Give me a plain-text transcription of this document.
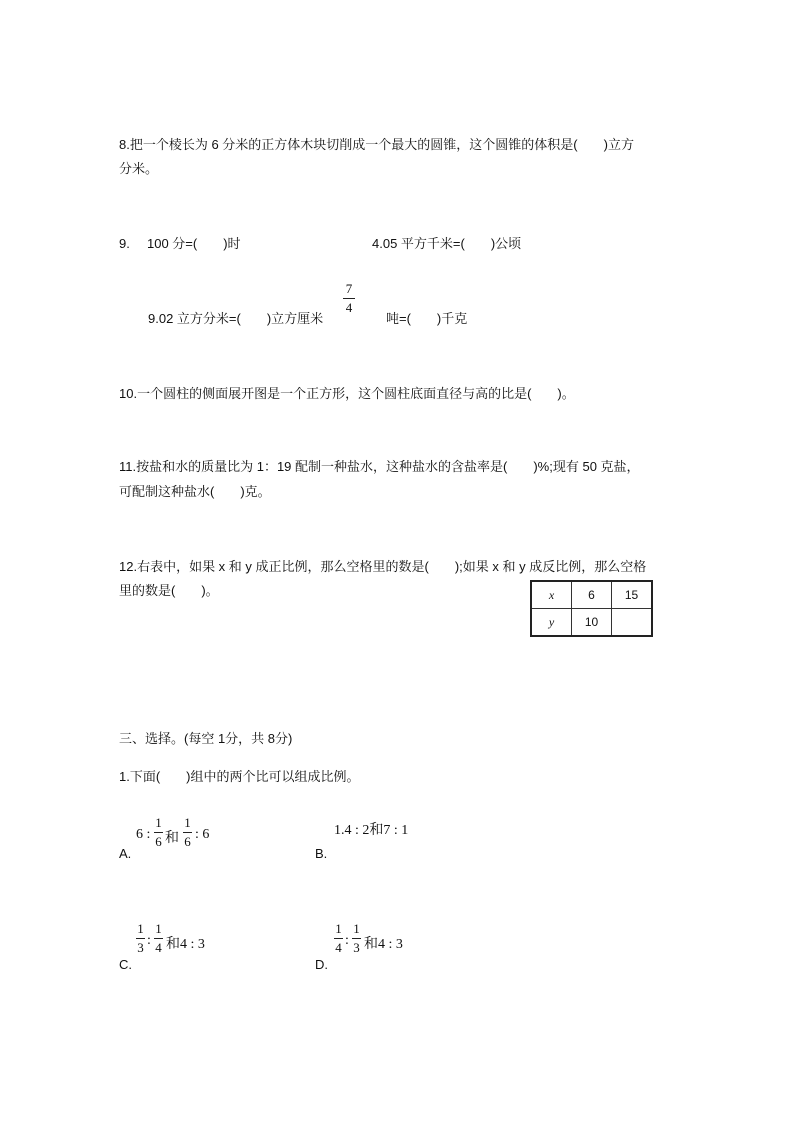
8.把一个棱长为 6 分米的正方体木块切削成一个最大的圆锥，这个圆锥的体积是(　　)立方
分米。
9. 100 分=(　　)时	4.05 平方千米=(　　)公顷
9.02 立方分米=(　　)立方厘米
7
4
吨=(　　)千克
10.一个圆柱的侧面展开图是一个正方形，这个圆柱底面直径与高的比是(　　)。
11.按盐和水的质量比为 1：19 配制一种盐水，这种盐水的含盐率是(　　)%;现有 50 克盐，
可配制这种盐水(　　)克。
12.右表中，如果 x 和 y 成正比例，那么空格里的数是(　　);如果 x 和 y 成反比例，那么空格
里的数是(　　)。	x	6	15
y	10	
三、选择。(每空 1分，共 8分)
1.下面(　　)组中的两个比可以组成比例。
A.
6 :
1
6 和
1
6 : 6
B.
1.4 : 2和7 : 1
C.
1
3 :
1
4 和4 : 3
D.
1
4 :
1
3 和4 : 3
